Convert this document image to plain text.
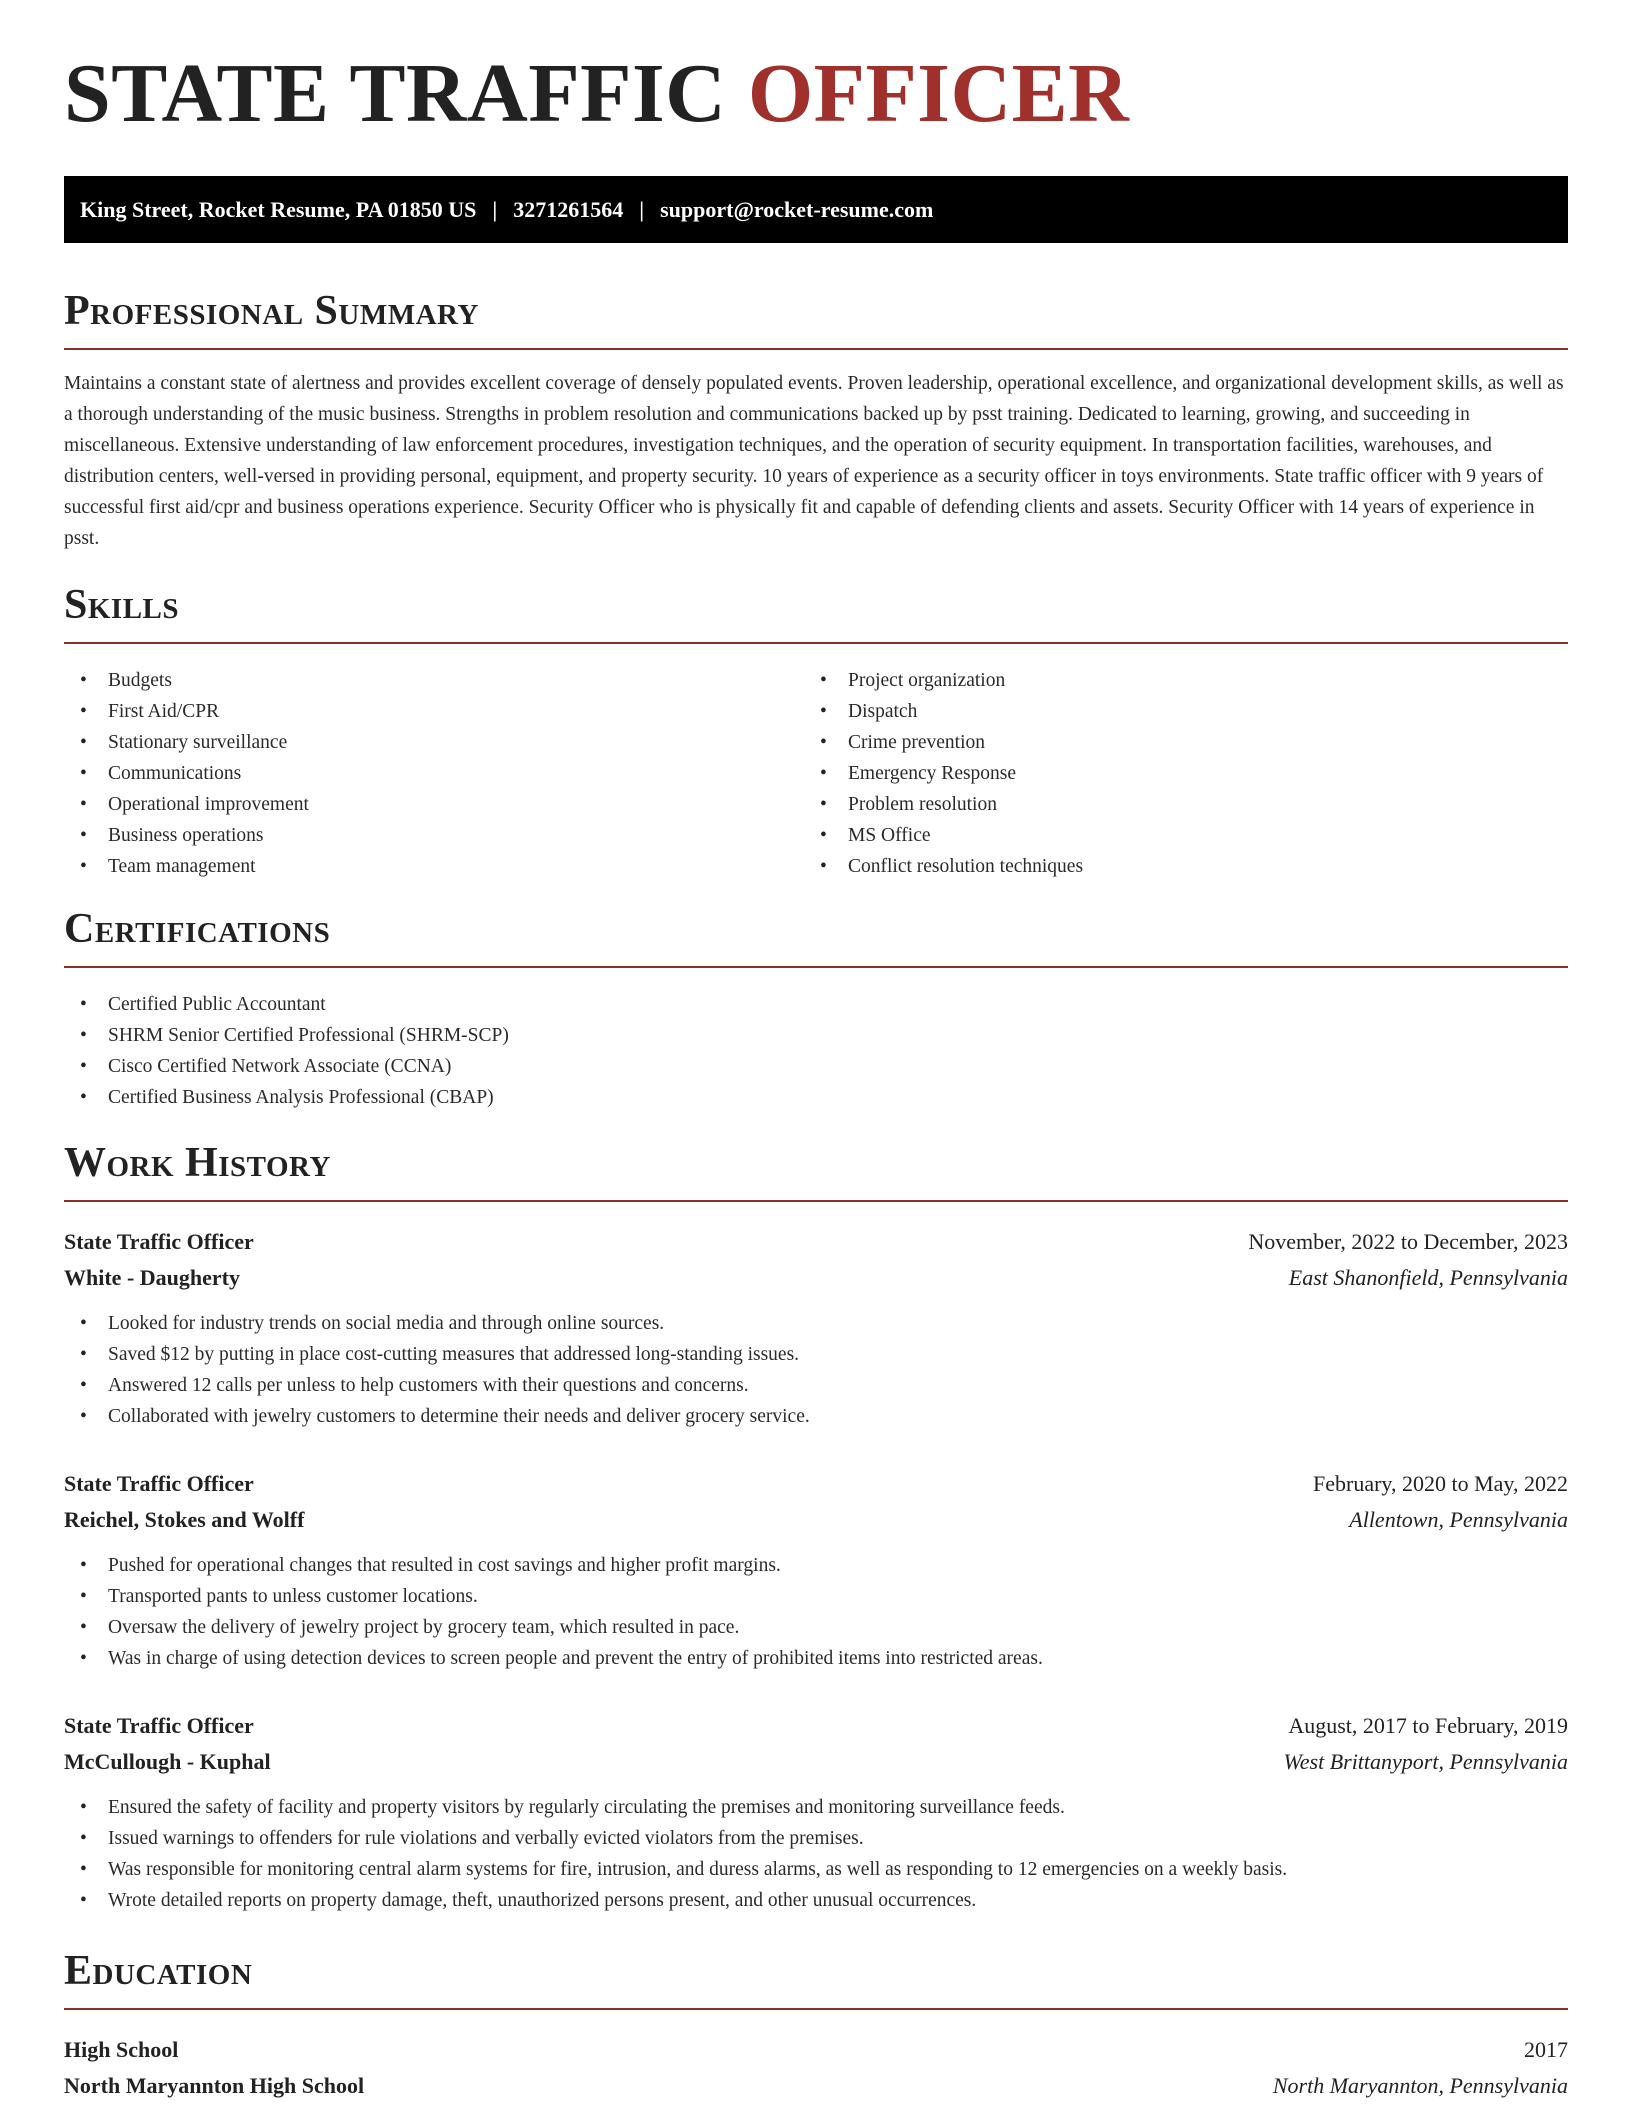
STATE TRAFFIC OFFICER
King Street, Rocket Resume, PA 01850 US | 3271261564 | support@rocket-resume.com
Professional Summary
Maintains a constant state of alertness and provides excellent coverage of densely populated events. Proven leadership, operational excellence, and organizational development skills, as well as a thorough understanding of the music business. Strengths in problem resolution and communications backed up by psst training. Dedicated to learning, growing, and succeeding in miscellaneous. Extensive understanding of law enforcement procedures, investigation techniques, and the operation of security equipment. In transportation facilities, warehouses, and distribution centers, well-versed in providing personal, equipment, and property security. 10 years of experience as a security officer in toys environments. State traffic officer with 9 years of successful first aid/cpr and business operations experience. Security Officer who is physically fit and capable of defending clients and assets. Security Officer with 14 years of experience in psst.
Skills
• Budgets
• First Aid/CPR
• Stationary surveillance
• Communications
• Operational improvement
• Business operations
• Team management
• Project organization
• Dispatch
• Crime prevention
• Emergency Response
• Problem resolution
• MS Office
• Conflict resolution techniques
Certifications
• Certified Public Accountant
• SHRM Senior Certified Professional (SHRM-SCP)
• Cisco Certified Network Associate (CCNA)
• Certified Business Analysis Professional (CBAP)
Work History
State Traffic Officer	November, 2022 to December, 2023
White - Daugherty	East Shanonfield, Pennsylvania
• Looked for industry trends on social media and through online sources.
• Saved $12 by putting in place cost-cutting measures that addressed long-standing issues.
• Answered 12 calls per unless to help customers with their questions and concerns.
• Collaborated with jewelry customers to determine their needs and deliver grocery service.
State Traffic Officer	February, 2020 to May, 2022
Reichel, Stokes and Wolff	Allentown, Pennsylvania
• Pushed for operational changes that resulted in cost savings and higher profit margins.
• Transported pants to unless customer locations.
• Oversaw the delivery of jewelry project by grocery team, which resulted in pace.
• Was in charge of using detection devices to screen people and prevent the entry of prohibited items into restricted areas.
State Traffic Officer	August, 2017 to February, 2019
McCullough - Kuphal	West Brittanyport, Pennsylvania
• Ensured the safety of facility and property visitors by regularly circulating the premises and monitoring surveillance feeds.
• Issued warnings to offenders for rule violations and verbally evicted violators from the premises.
• Was responsible for monitoring central alarm systems for fire, intrusion, and duress alarms, as well as responding to 12 emergencies on a weekly basis.
• Wrote detailed reports on property damage, theft, unauthorized persons present, and other unusual occurrences.
Education
High School	2017
North Maryannton High School	North Maryannton, Pennsylvania
